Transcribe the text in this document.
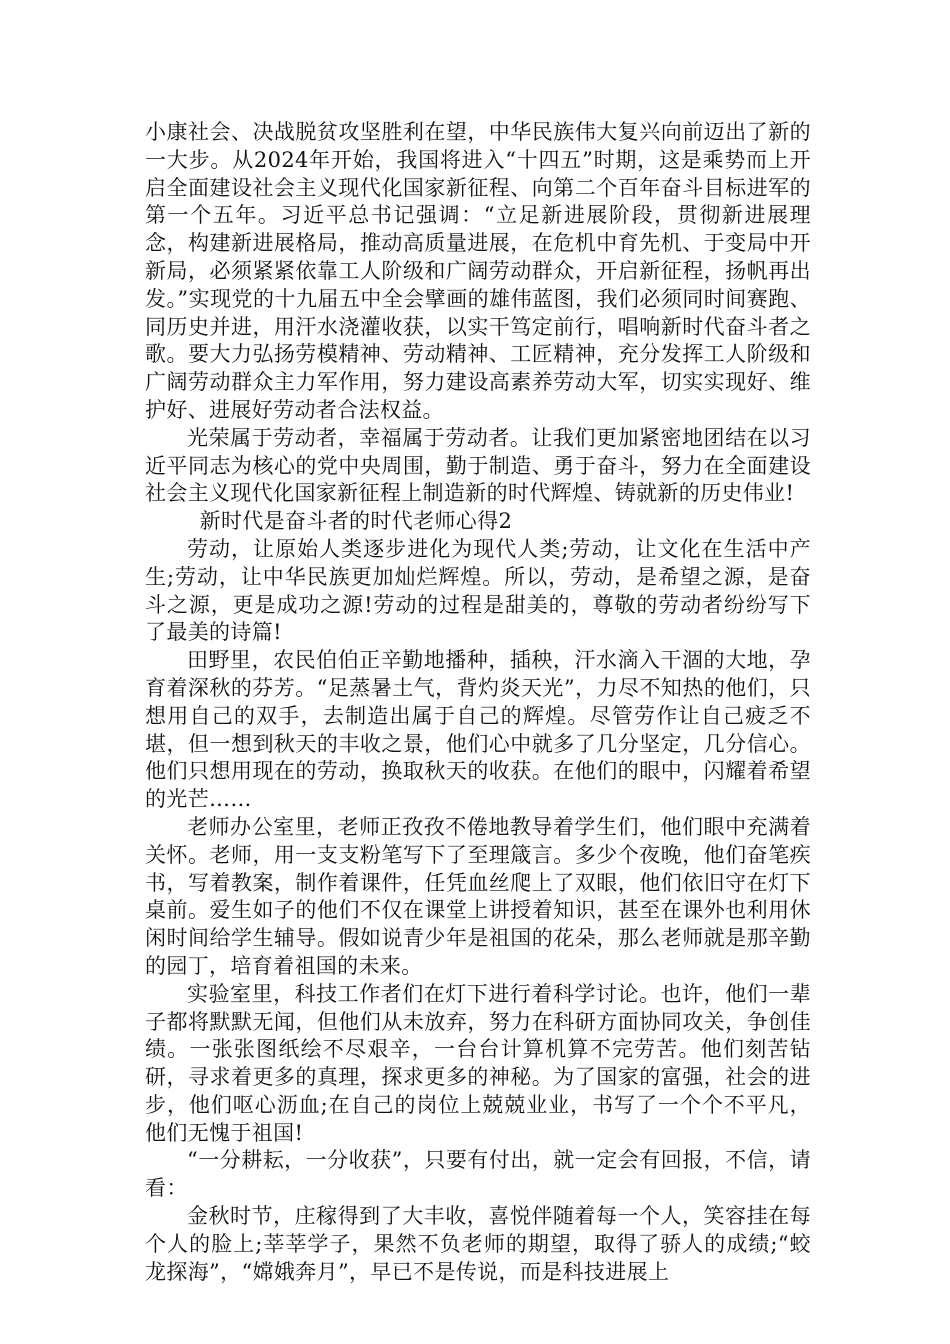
小康社会、决战脱贫攻坚胜利在望，中华民族伟大复兴向前迈出了新的一大步。从2024年开始，我国将进入“十四五”时期，这是乘势而上开启全面建设社会主义现代化国家新征程、向第二个百年奋斗目标进军的第一个五年。习近平总书记强调：“立足新进展阶段，贯彻新进展理念，构建新进展格局，推动高质量进展，在危机中育先机、于变局中开新局，必须紧紧依靠工人阶级和广阔劳动群众，开启新征程，扬帆再出发。”实现党的十九届五中全会擘画的雄伟蓝图，我们必须同时间赛跑、同历史并进，用汗水浇灌收获，以实干笃定前行，唱响新时代奋斗者之歌。要大力弘扬劳模精神、劳动精神、工匠精神，充分发挥工人阶级和广阔劳动群众主力军作用，努力建设高素养劳动大军，切实实现好、维护好、进展好劳动者合法权益。

光荣属于劳动者，幸福属于劳动者。让我们更加紧密地团结在以习近平同志为核心的党中央周围，勤于制造、勇于奋斗，努力在全面建设社会主义现代化国家新征程上制造新的时代辉煌、铸就新的历史伟业!

新时代是奋斗者的时代老师心得2

劳动，让原始人类逐步进化为现代人类;劳动，让文化在生活中产生;劳动，让中华民族更加灿烂辉煌。所以，劳动，是希望之源，是奋斗之源，更是成功之源!劳动的过程是甜美的，尊敬的劳动者纷纷写下了最美的诗篇!

田野里，农民伯伯正辛勤地播种，插秧，汗水滴入干涸的大地，孕育着深秋的芬芳。“足蒸暑土气，背灼炎天光”，力尽不知热的他们，只想用自己的双手，去制造出属于自己的辉煌。尽管劳作让自己疲乏不堪，但一想到秋天的丰收之景，他们心中就多了几分坚定，几分信心。他们只想用现在的劳动，换取秋天的收获。在他们的眼中，闪耀着希望的光芒……

老师办公室里，老师正孜孜不倦地教导着学生们，他们眼中充满着关怀。老师，用一支支粉笔写下了至理箴言。多少个夜晚，他们奋笔疾书，写着教案，制作着课件，任凭血丝爬上了双眼，他们依旧守在灯下桌前。爱生如子的他们不仅在课堂上讲授着知识，甚至在课外也利用休闲时间给学生辅导。假如说青少年是祖国的花朵，那么老师就是那辛勤的园丁，培育着祖国的未来。

实验室里，科技工作者们在灯下进行着科学讨论。也许，他们一辈子都将默默无闻，但他们从未放弃，努力在科研方面协同攻关，争创佳绩。一张张图纸绘不尽艰辛，一台台计算机算不完劳苦。他们刻苦钻研，寻求着更多的真理，探求更多的神秘。为了国家的富强，社会的进步，他们呕心沥血;在自己的岗位上兢兢业业，书写了一个个不平凡，他们无愧于祖国!

“一分耕耘，一分收获”，只要有付出，就一定会有回报，不信，请看：

金秋时节，庄稼得到了大丰收，喜悦伴随着每一个人，笑容挂在每个人的脸上;莘莘学子，果然不负老师的期望，取得了骄人的成绩;“蛟龙探海”，“嫦娥奔月”，早已不是传说，而是科技进展上
